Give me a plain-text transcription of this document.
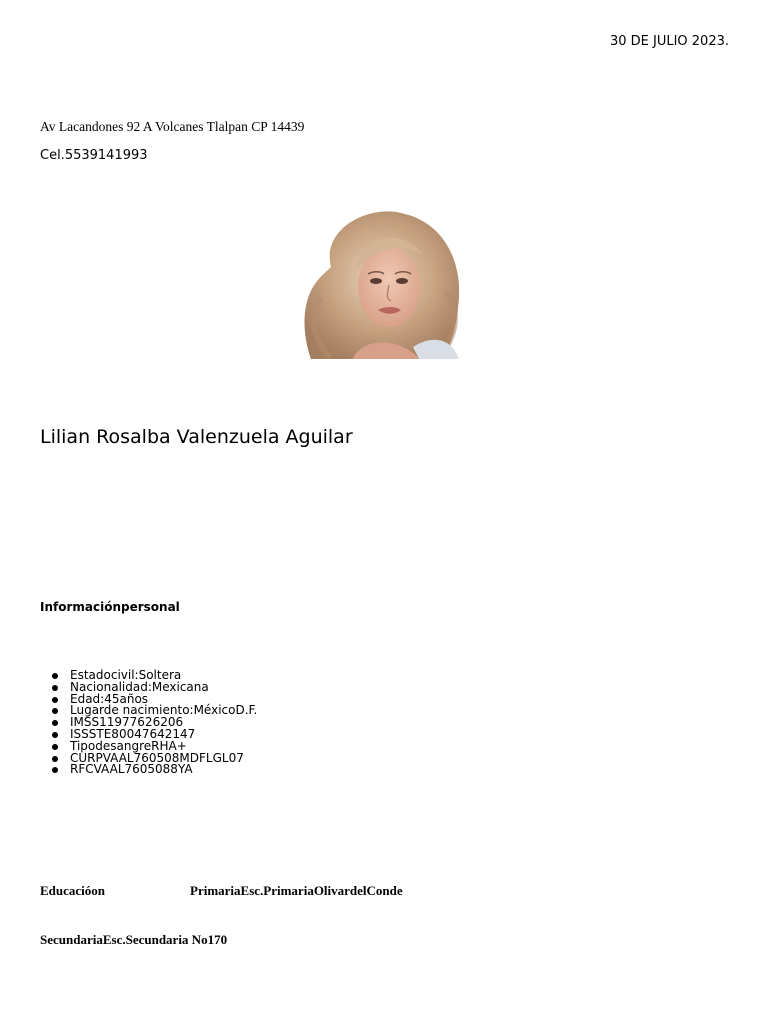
30 DE JULIO 2023.
Av Lacandones 92 A Volcanes Tlalpan CP 14439
Cel.5539141993
Lilian Rosalba Valenzuela Aguilar
Informaciónpersonal
Estadocivil:Soltera
Nacionalidad:Mexicana
Edad:45años
Lugarde nacimiento:MéxicoD.F.
IMSS11977626206
ISSSTE80047642147
TipodesangreRHA+
CURPVAAL760508MDFLGL07
RFCVAAL7605088YA
Educacióon	PrimariaEsc.PrimariaOlivardelConde
SecundariaEsc.Secundaria No170
